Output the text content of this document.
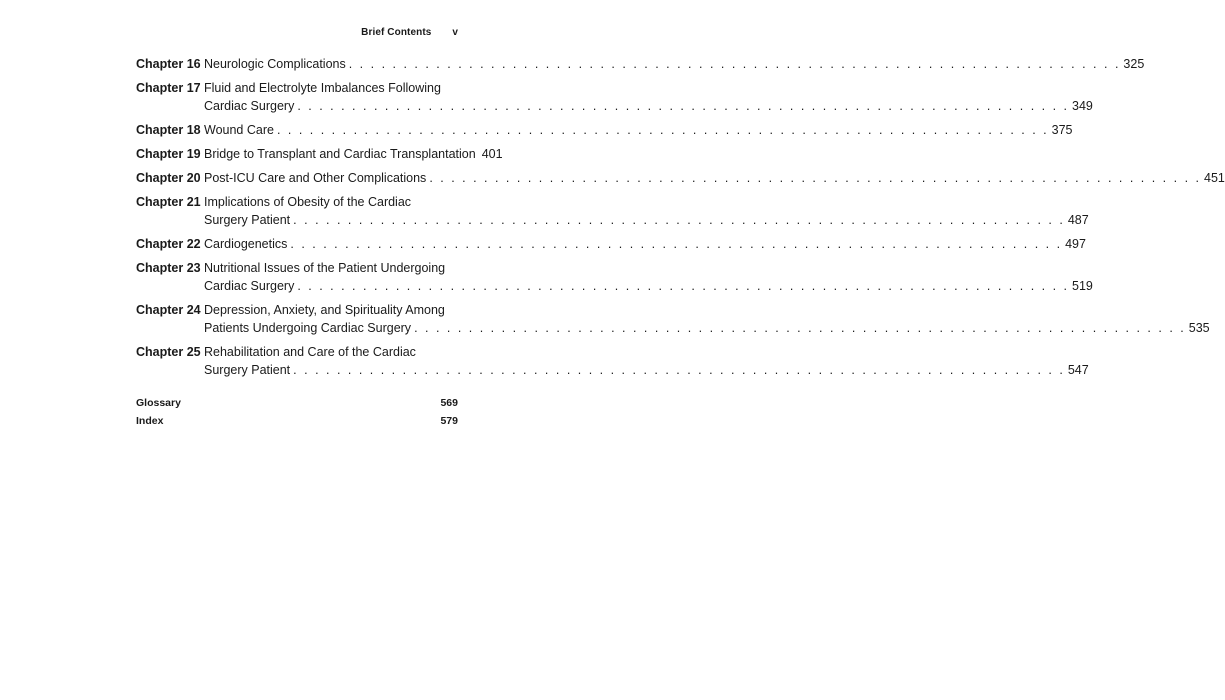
Brief Contents v
Chapter 16 Neurologic Complications . . .	325
Chapter 17 Fluid and Electrolyte Imbalances Following
Cardiac Surgery . . .	349
Chapter 18 Wound Care . . .	375
Chapter 19 Bridge to Transplant and Cardiac Transplantation 401
Chapter 20 Post-ICU Care and Other Complications . . .	451
Chapter 21 Implications of Obesity of the Cardiac
Surgery Patient . . .	487
Chapter 22 Cardiogenetics . . .	497
Chapter 23 Nutritional Issues of the Patient Undergoing
Cardiac Surgery . . .	519
Chapter 24 Depression, Anxiety, and Spirituality Among
Patients Undergoing Cardiac Surgery . . .	535
Chapter 25 Rehabilitation and Care of the Cardiac
Surgery Patient . . .	547
Glossary	569
Index	579
